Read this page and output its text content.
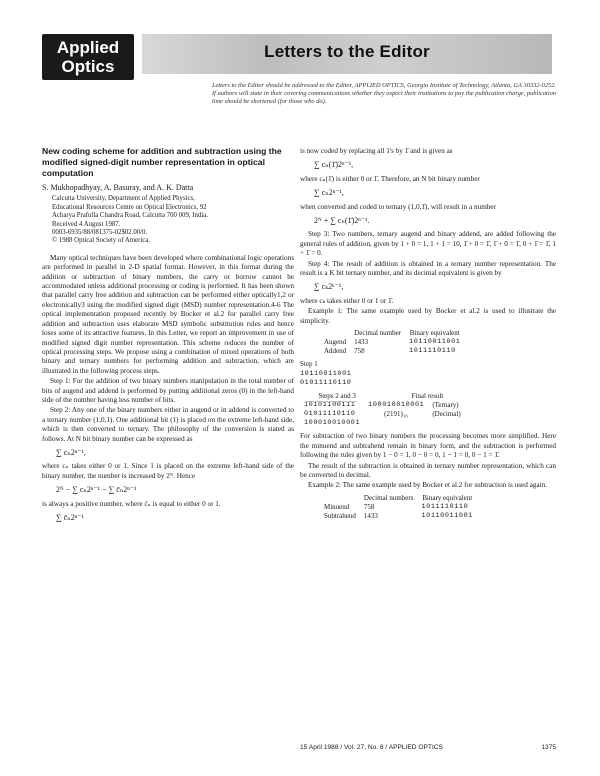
Applied
Optics
Letters to the Editor
Letters to the Editor should be addressed to the Editor, APPLIED OPTICS, Georgia Institute of Technology, Atlanta, GA 30332-0252. If authors will state in their covering communications whether they expect their institutions to pay the publication charge, publication time should be shortened (for those who do).
New coding scheme for addition and subtraction using the modified signed-digit number representation in optical computation
S. Mukhopadhyay, A. Basuray, and A. K. Datta
Calcutta University, Department of Applied Physics,
Educational Resources Centre on Optical Electronics, 92
Acharya Prafulla Chandra Road, Calcutta 700 009, India.
Received 4 August 1987.
0003-6935/88/081375-02$02.00/0.
© 1988 Optical Society of America.

Many optical techniques have been developed where combinational logic operations are performed in parallel in 2-D spatial format. However, in this format during the addition or subtraction of binary numbers, the carry or borrow cannot be accommodated unless additional processing or coding is performed. It has been shown that parallel carry free addition and subtraction can be performed either optically1,2 or electronically3 using the modified signed digit (MSD) number representation.4-6 The optical implementation proposed recently by Bocker et al.2 for parallel carry free addition and subtraction uses elaborate MSD symbolic substitution rules and hence loses some of its attractive features. In this Letter, we report an improvement in use of modified signed digit number representation. This scheme reduces the number of optical processing steps. We propose using a combination of mixed operations of both binary and ternary numbers for performing addition and subtraction, which are illustrated in the following process steps.

Step 1: For the addition of two binary numbers manipulation in the total number of bits of augend and addend is performed by putting additional zeros (0) in the left-hand side of the number having less number of bits.

Step 2: Any one of the binary numbers either in augend or in addend is converted to a ternary number (1,0,1). One additional bit (1) is placed on the extreme left-hand side, which is then converted to ternary. The philosophy of the conversion is stated as follows. At N bit binary number can be expressed as

∑ cₙ2ⁿ⁻¹,

where cₙ takes either 0 or 1. Since 1 is placed on the extreme left-hand side of the binary number, the number is increased by 2ᴺ. Hence

2ᴺ − ∑ cₙ2ⁿ⁻¹ − ∑ c̄ₙ2ⁿ⁻¹

is always a positive number, where c̄ₙ is equal to either 0 or 1.

∑ c̄ₙ2ⁿ⁻¹

is now coded by replacing all 1's by 1̄ and is given as

∑ cₙ(1̄)2ⁿ⁻¹,

where cₙ(1̄) is either 0 or 1̄. Therefore, an N bit binary number

∑ cₙ2ⁿ⁻¹,

when converted and coded to ternary (1,0,1̄), will result in a number

2ᴺ + ∑ cₙ(1̄)2ⁿ⁻¹.

Step 3: Two numbers, ternary augend and binary addend, are added following the general rules of addition, given by 1 + 0 = 1, 1 + 1 = 10, 1̄ + 0 = 1̄, 1̄ + 0 = 1̄, 0 + 1̄ = 1̄, 1 + 1̄ = 0.

Step 4: The result of addition is obtained in a ternary number representation. The result is a K bit ternary number, and its decimal equivalent is given by

∑ cₖ2ᵏ⁻¹,

where cₖ takes either 0 or 1 or 1̄.

Example 1: The same example used by Bocker et al.2 is used to illustrate the simplicity.

	Decimal number	Binary equivalent
Augend	1433	10110011001
Addend	758	1011110110
Step 1
10110011001
01011110110
Steps 2 and 3	Final result	
1̄0̄1̄0̄1̄1̄0̄0̄1̄1̄1̄	100010010001	(Ternary)
01011110110	(2191)₁₀	(Decimal)
100010010001		

For subtraction of two binary numbers the processing becomes more simplified. Here the minuend and subtrahend remain in binary form, and the subtraction is performed following the rules given by 1 − 0 = 1, 0 − 0 = 0, 1 − 1 = 0, 0 − 1 = 1̄.

The result of the subtraction is obtained in ternary number representation, which can be converted to decimal.

Example 2: The same example used by Bocker et al.2 for subtraction is used again.

	Decimal numbers	Binary equivalent
Minuend	758	1011110110
Subtrahend	1433	10110011001
15 April 1988 / Vol. 27, No. 8 / APPLIED OPTICS	1375
